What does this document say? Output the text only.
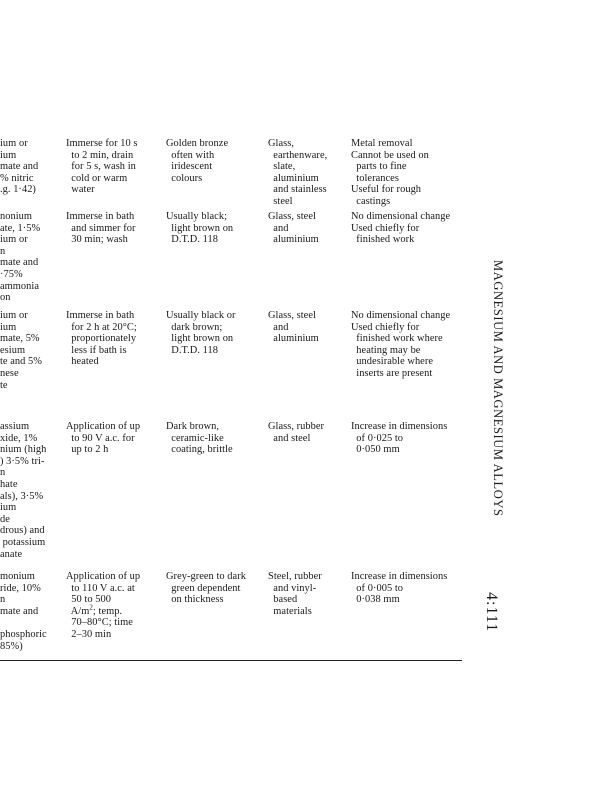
ium or
ium
mate and
% nitric
.g. 1·42)
Immerse for 10 s
to 2 min, drain
for 5 s, wash in
cold or warm
water
Golden bronze
often with
iridescent
colours
Glass,
earthenware,
slate,
aluminium
and stainless
steel
Metal removal
Cannot be used on
parts to fine
tolerances
Useful for rough
castings
nonium
ate, 1·5%
ium or
n
mate and
·75%
ammonia
on
Immerse in bath
and simmer for
30 min; wash
Usually black;
light brown on
D.T.D. 118
Glass, steel
and
aluminium
No dimensional change
Used chiefly for
finished work
ium or
ium
mate, 5%
esium
te and 5%
nese
te
Immerse in bath
for 2 h at 20°C;
proportionately
less if bath is
heated
Usually black or
dark brown;
light brown on
D.T.D. 118
Glass, steel
and
aluminium
No dimensional change
Used chiefly for
finished work where
heating may be
undesirable where
inserts are present
assium
xide, 1%
nium (high
) 3·5% tri-
n
hate
als), 3·5%
ium
de
drous) and
potassium
anate
Application of up
to 90 V a.c. for
up to 2 h
Dark brown,
ceramic-like
coating, brittle
Glass, rubber
and steel
Increase in dimensions
of 0·025 to
0·050 mm
monium
ride, 10%
n
mate and

phosphoric
85%)
Application of up
to 110 V a.c. at
50 to 500
$A/m^2$; temp.
70–80°C; time
2–30 min
Grey-green to dark
green dependent
on thickness
Steel, rubber
and vinyl-
based
materials
Increase in dimensions
of 0·005 to
0·038 mm
MAGNESIUM AND MAGNESIUM ALLOYS
4:111
